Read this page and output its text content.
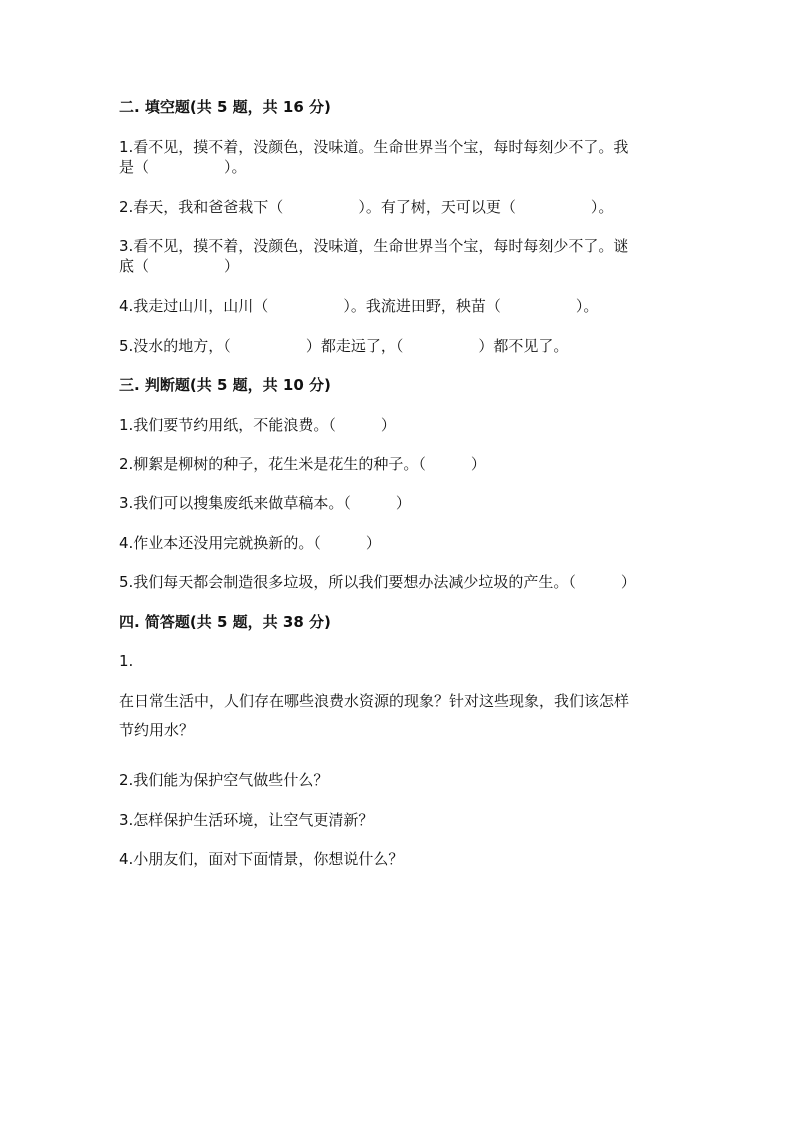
二. 填空题(共 5 题，共 16 分)
1.看不见，摸不着，没颜色，没味道。生命世界当个宝，每时每刻少不了。我
是（　　　　　）。
2.春天，我和爸爸栽下（　　　　　）。有了树，天可以更（　　　　　）。
3.看不见，摸不着，没颜色，没味道，生命世界当个宝，每时每刻少不了。谜
底（　　　　　）
4.我走过山川，山川（　　　　　）。我流进田野，秧苗（　　　　　）。
5.没水的地方，（　　　　　）都走远了，（　　　　　）都不见了。
三. 判断题(共 5 题，共 10 分)
1.我们要节约用纸，不能浪费。（　　　）
2.柳絮是柳树的种子，花生米是花生的种子。（　　　）
3.我们可以搜集废纸来做草稿本。（　　　）
4.作业本还没用完就换新的。（　　　）
5.我们每天都会制造很多垃圾，所以我们要想办法减少垃圾的产生。（　　　）
四. 简答题(共 5 题，共 38 分)
1.
在日常生活中，人们存在哪些浪费水资源的现象？针对这些现象，我们该怎样
节约用水？
2.我们能为保护空气做些什么？
3.怎样保护生活环境，让空气更清新？
4.小朋友们，面对下面情景，你想说什么？
